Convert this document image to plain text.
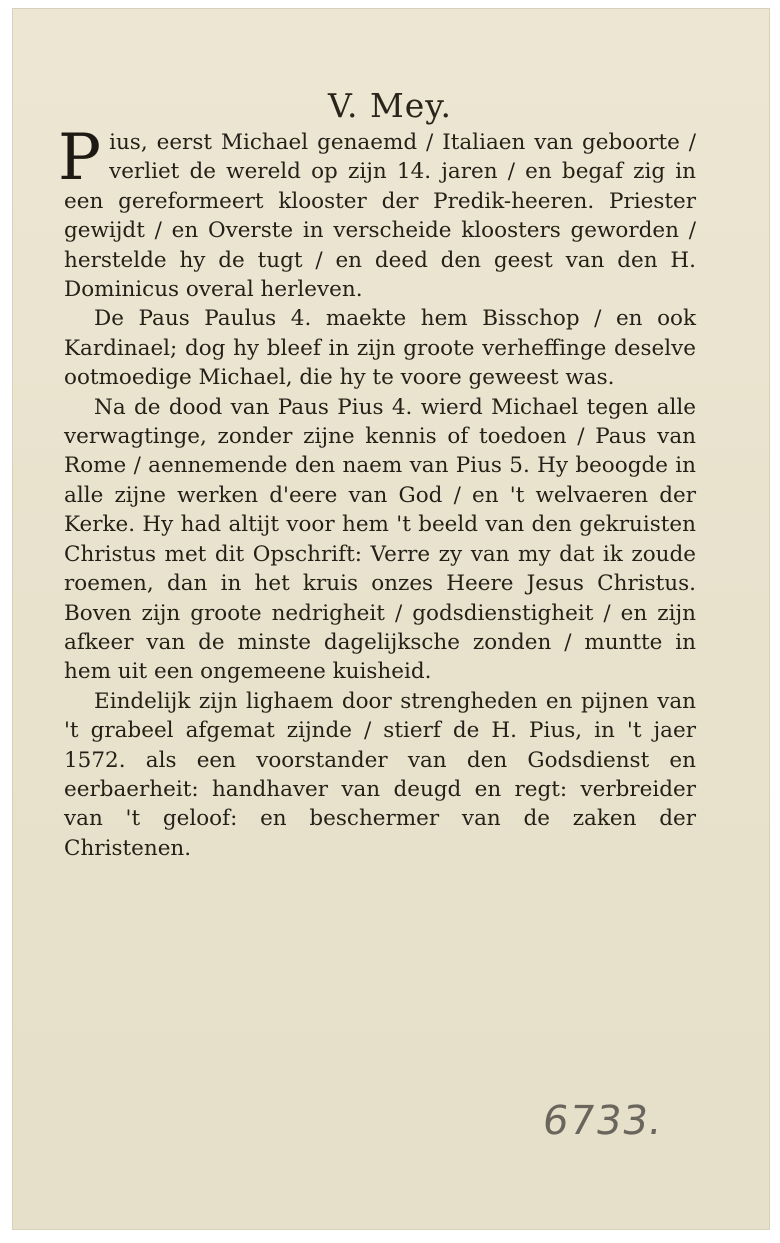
V. Mey.

Pius, eerst Michael genaemd / Italiaen van geboorte / verliet de wereld op zijn 14. jaren / en begaf zig in een gereformeert klooster der Predik-heeren. Priester gewijdt / en Overste in verscheide kloosters geworden / herstelde hy de tugt / en deed den geest van den H. Dominicus overal herleven.

De Paus Paulus 4. maekte hem Bisschop / en ook Kardinael; dog hy bleef in zijn groote verheffinge deselve ootmoedige Michael, die hy te voore geweest was.

Na de dood van Paus Pius 4. wierd Michael tegen alle verwagtinge, zonder zijne kennis of toedoen / Paus van Rome / aennemende den naem van Pius 5. Hy beoogde in alle zijne werken d'eere van God / en 't welvaeren der Kerke. Hy had altijt voor hem 't beeld van den gekruisten Christus met dit Opschrift: Verre zy van my dat ik zoude roemen, dan in het kruis onzes Heere Jesus Christus. Boven zijn groote nedrigheit / godsdienstigheit / en zijn afkeer van de minste dagelijksche zonden / muntte in hem uit een ongemeene kuisheid.

Eindelijk zijn lighaem door strengheden en pijnen van 't grabeel afgemat zijnde / stierf de H. Pius, in 't jaer 1572. als een voorstander van den Godsdienst en eerbaerheit: handhaver van deugd en regt: verbreider van 't geloof: en beschermer van de zaken der Christenen.

6733.
